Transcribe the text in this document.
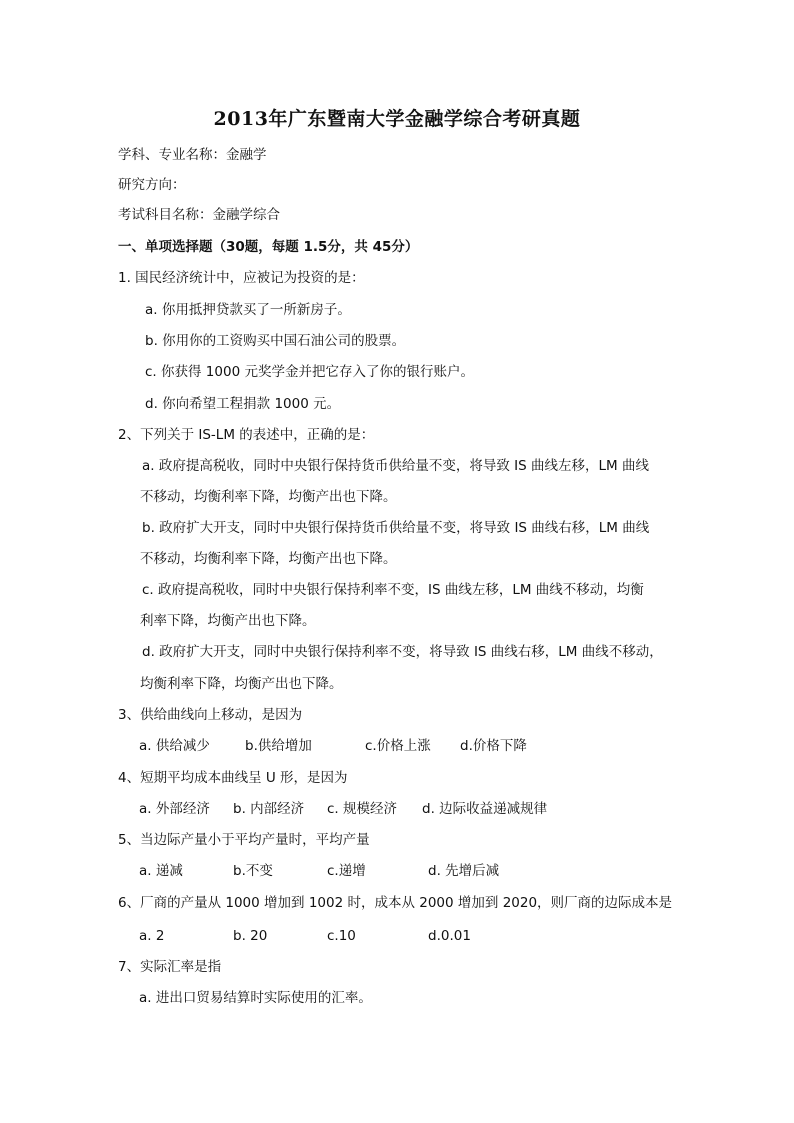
2013年广东暨南大学金融学综合考研真题
学科、专业名称：金融学
研究方向：
考试科目名称：金融学综合
一、单项选择题（30题，每题 1.5分，共 45分）
1. 国民经济统计中，应被记为投资的是：
a. 你用抵押贷款买了一所新房子。
b. 你用你的工资购买中国石油公司的股票。
c. 你获得 1000 元奖学金并把它存入了你的银行账户。
d. 你向希望工程捐款 1000 元。
2、下列关于 IS-LM 的表述中，正确的是：
a. 政府提高税收，同时中央银行保持货币供给量不变，将导致 IS 曲线左移，LM 曲线
不移动，均衡利率下降，均衡产出也下降。
b. 政府扩大开支，同时中央银行保持货币供给量不变，将导致 IS 曲线右移，LM 曲线
不移动，均衡利率下降，均衡产出也下降。
c. 政府提高税收，同时中央银行保持利率不变，IS 曲线左移，LM 曲线不移动，均衡
利率下降，均衡产出也下降。
d. 政府扩大开支，同时中央银行保持利率不变，将导致 IS 曲线右移，LM 曲线不移动，
均衡利率下降，均衡产出也下降。
3、供给曲线向上移动，是因为
a. 供给减少	b.供给增加	c.价格上涨 d.价格下降
4、短期平均成本曲线呈 U 形，是因为
a. 外部经济 b. 内部经济 c. 规模经济 d. 边际收益递减规律
5、当边际产量小于平均产量时，平均产量
a. 递减	b.不变	c.递增	d. 先增后减
6、厂商的产量从 1000 增加到 1002 时，成本从 2000 增加到 2020，则厂商的边际成本是
a. 2	b. 20	c.10	d.0.01
7、实际汇率是指
a. 进出口贸易结算时实际使用的汇率。
